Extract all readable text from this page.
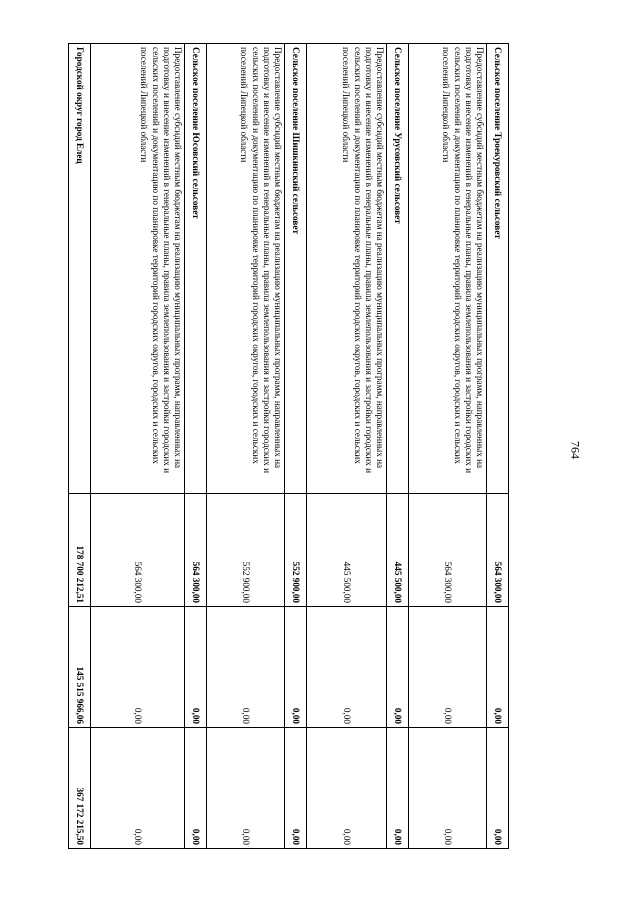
764
Сельское поселение Троекуровский сельсовет	564 300,00	0,00	0,00
Предоставление субсидий местным бюджетам на реализацию муниципальных программ, направленных на подготовку и внесение изменений в генеральные планы, правила землепользования и застройки городских и сельских поселений и документацию по планировке территорий городских округов, городских и сельских поселений Липецкой области	564 300,00	0,00	0,00
Сельское поселение Урусовский сельсовет	445 500,00	0,00	0,00
Предоставление субсидий местным бюджетам на реализацию муниципальных программ, направленных на подготовку и внесение изменений в генеральные планы, правила землепользования и застройки городских и сельских поселений и документацию по планировке территорий городских округов, городских и сельских поселений Липецкой области	445 500,00	0,00	0,00
Сельское поселение Шишкинский сельсовет	552 900,00	0,00	0,00
Предоставление субсидий местным бюджетам на реализацию муниципальных программ, направленных на подготовку и внесение изменений в генеральные планы, правила землепользования и застройки городских и сельских поселений и документацию по планировке территорий городских округов, городских и сельских поселений Липецкой области	552 900,00	0,00	0,00
Сельское поселение Юсовский сельсовет	564 300,00	0,00	0,00
Предоставление субсидий местным бюджетам на реализацию муниципальных программ, направленных на подготовку и внесение изменений в генеральные планы, правила землепользования и застройки городских и сельских поселений и документацию по планировке территорий городских округов, городских и сельских поселений Липецкой области	564 300,00	0,00	0,00
Городской округ город Елец	178 700 212,51	145 515 966,06	367 172 215,50
